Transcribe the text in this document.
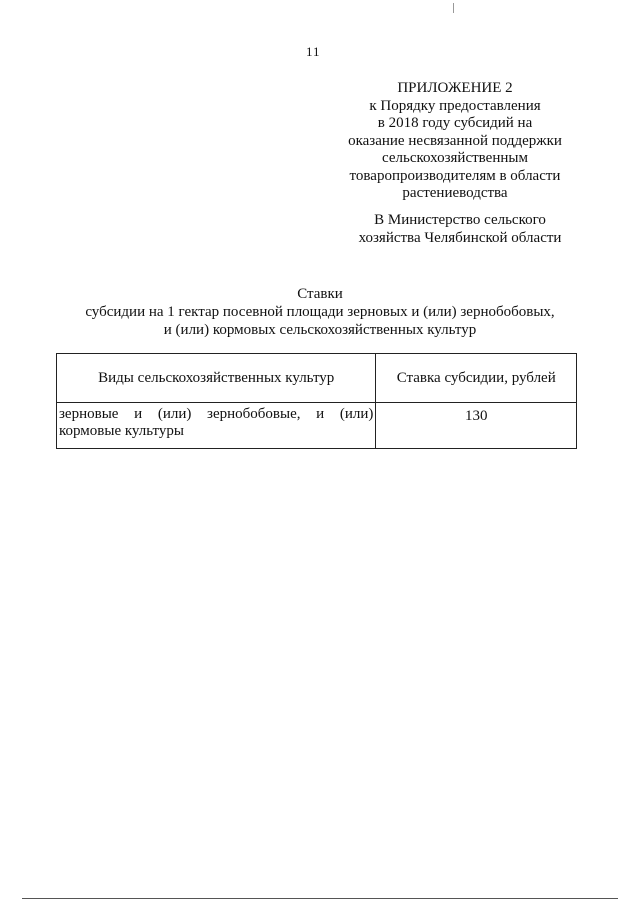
11
ПРИЛОЖЕНИЕ 2
к Порядку предоставления
в 2018 году субсидий на
оказание несвязанной поддержки
сельскохозяйственным
товаропроизводителям в области
растениеводства
В Министерство сельского
хозяйства Челябинской области
Ставки
субсидии на 1 гектар посевной площади зерновых и (или) зернобобовых,
и (или) кормовых сельскохозяйственных культур
Виды сельскохозяйственных культур	Ставка субсидии, рублей
зерновые и (или) зернобобовые, и (или) кормовые культуры	130
